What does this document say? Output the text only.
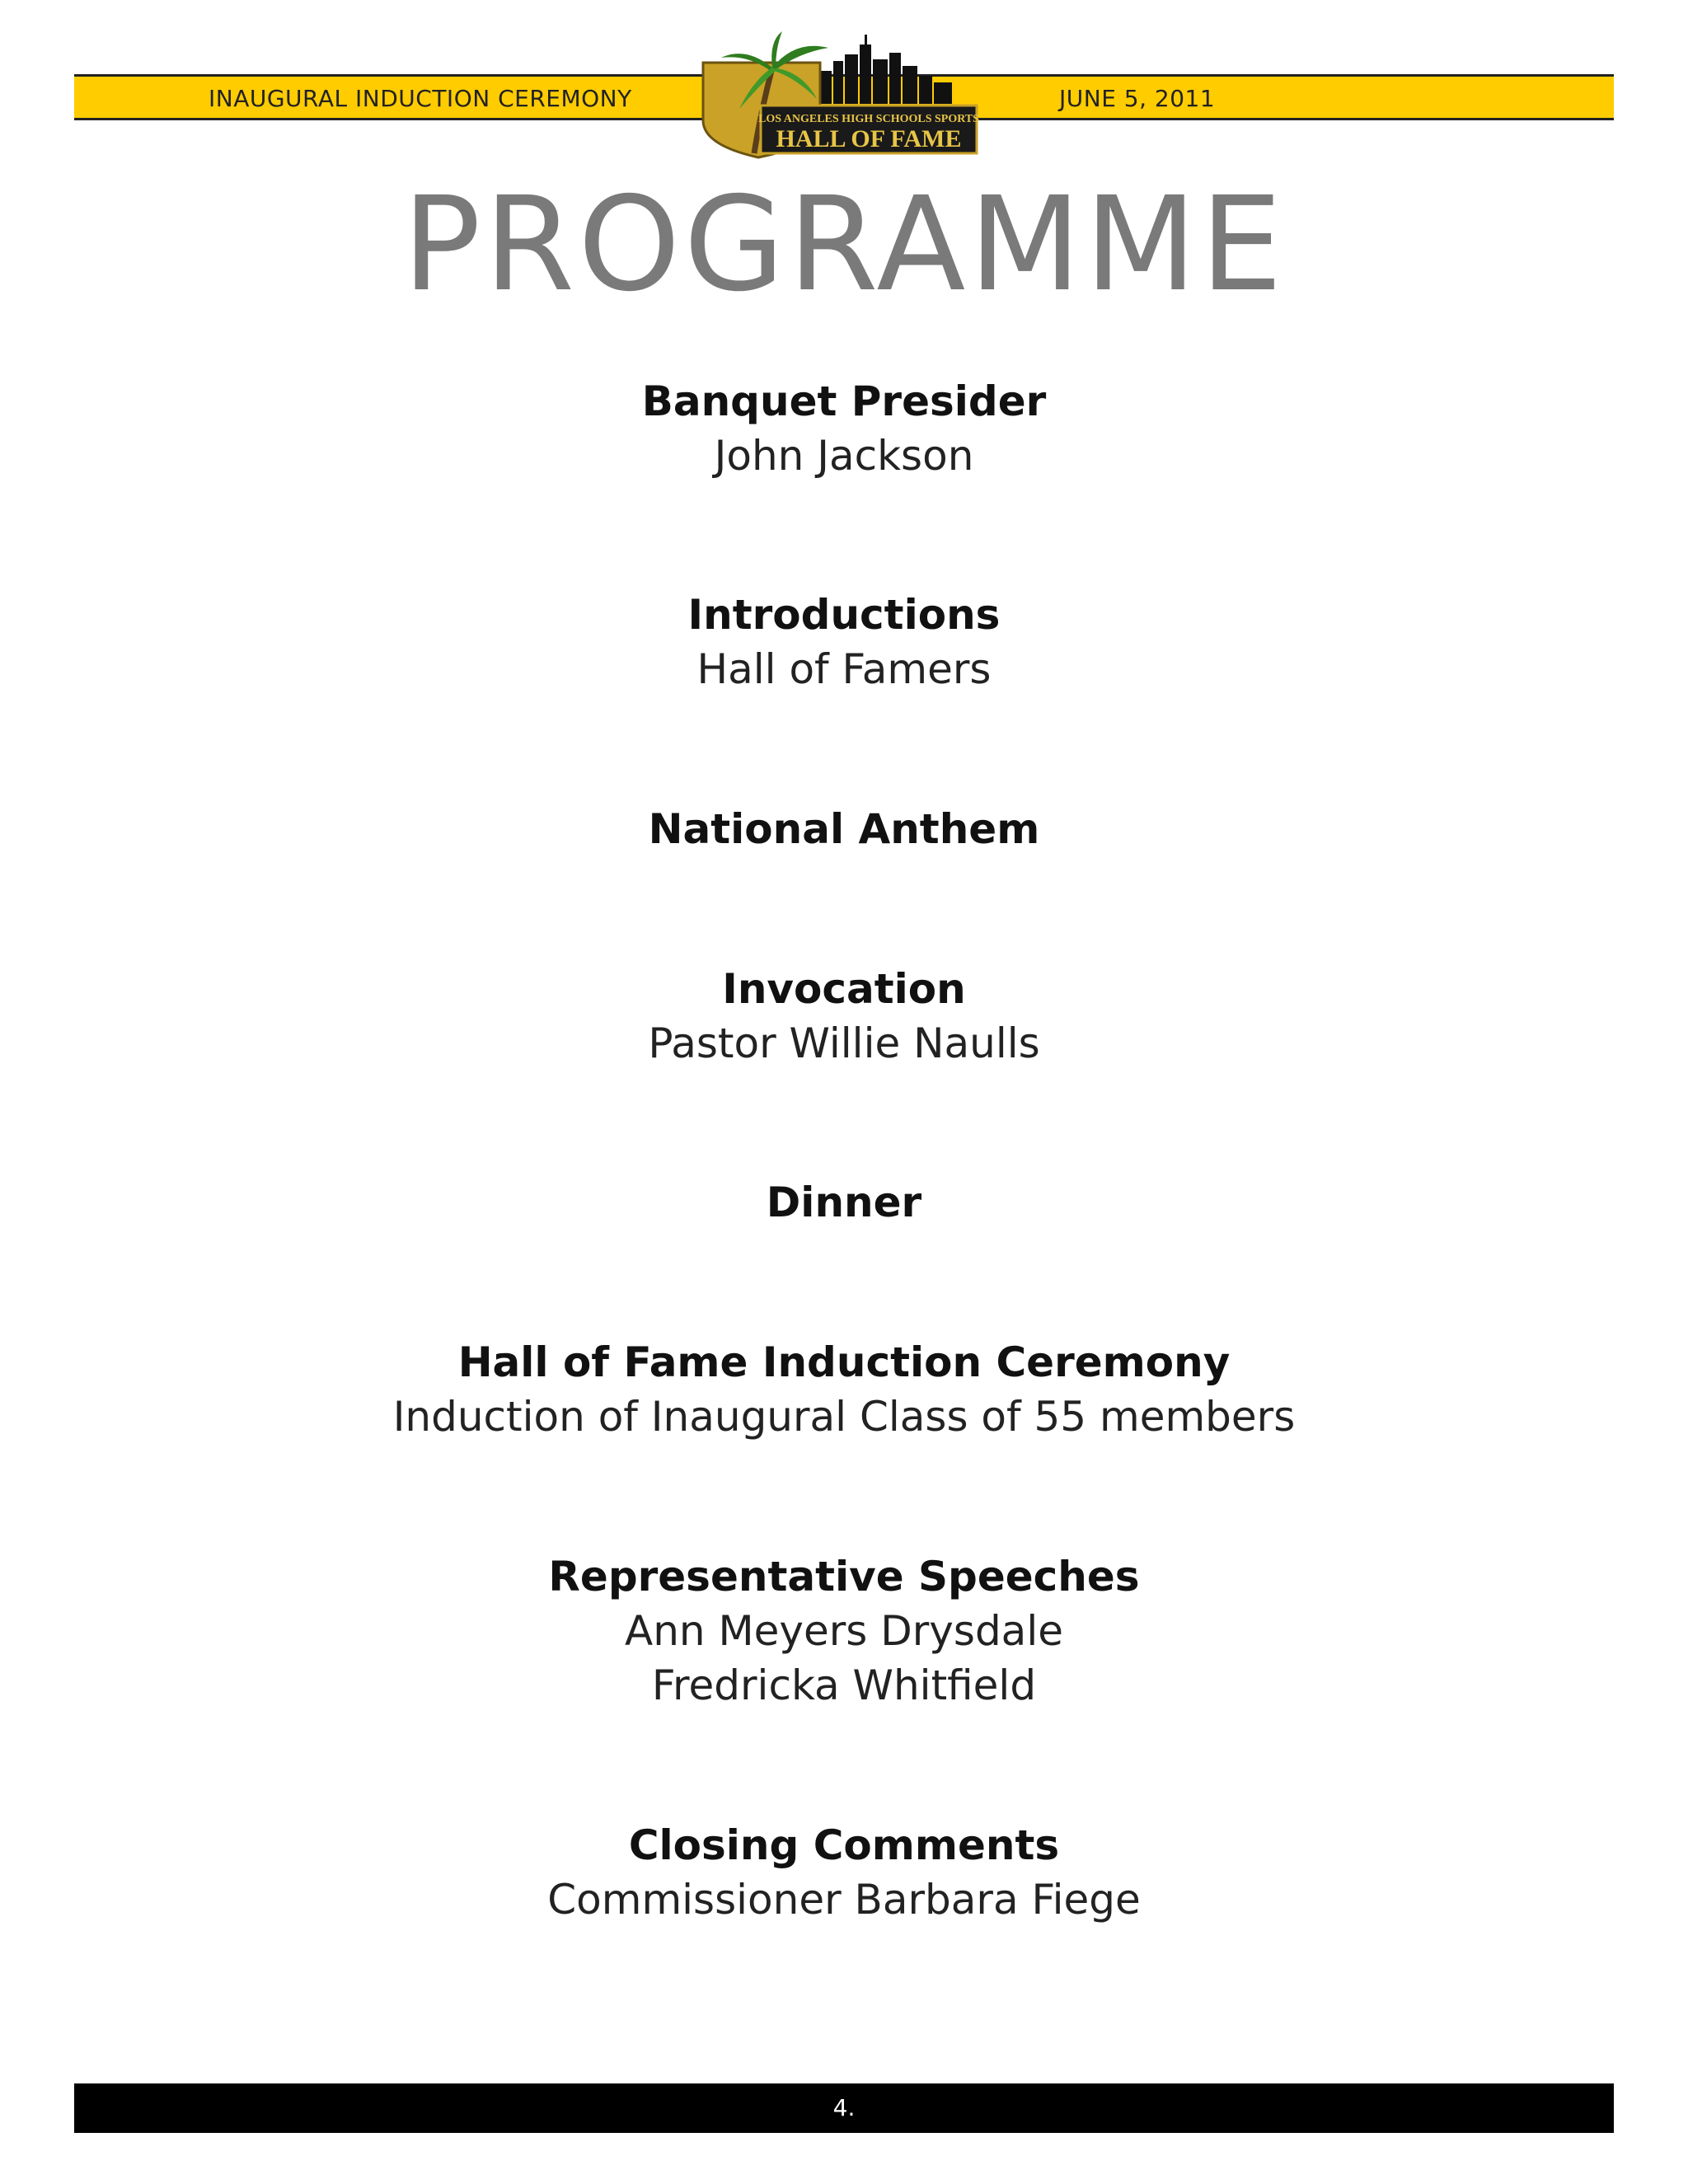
INAUGURAL INDUCTION CEREMONY	JUNE 5, 2011
LOS ANGELES HIGH SCHOOLS SPORTS
HALL OF FAME
PROGRAMME
Banquet Presider
John Jackson
Introductions
Hall of Famers
National Anthem
Invocation
Pastor Willie Naulls
Dinner
Hall of Fame Induction Ceremony
Induction of Inaugural Class of 55 members
Representative Speeches
Ann Meyers Drysdale
Fredricka Whitfield
Closing Comments
Commissioner Barbara Fiege
4.
